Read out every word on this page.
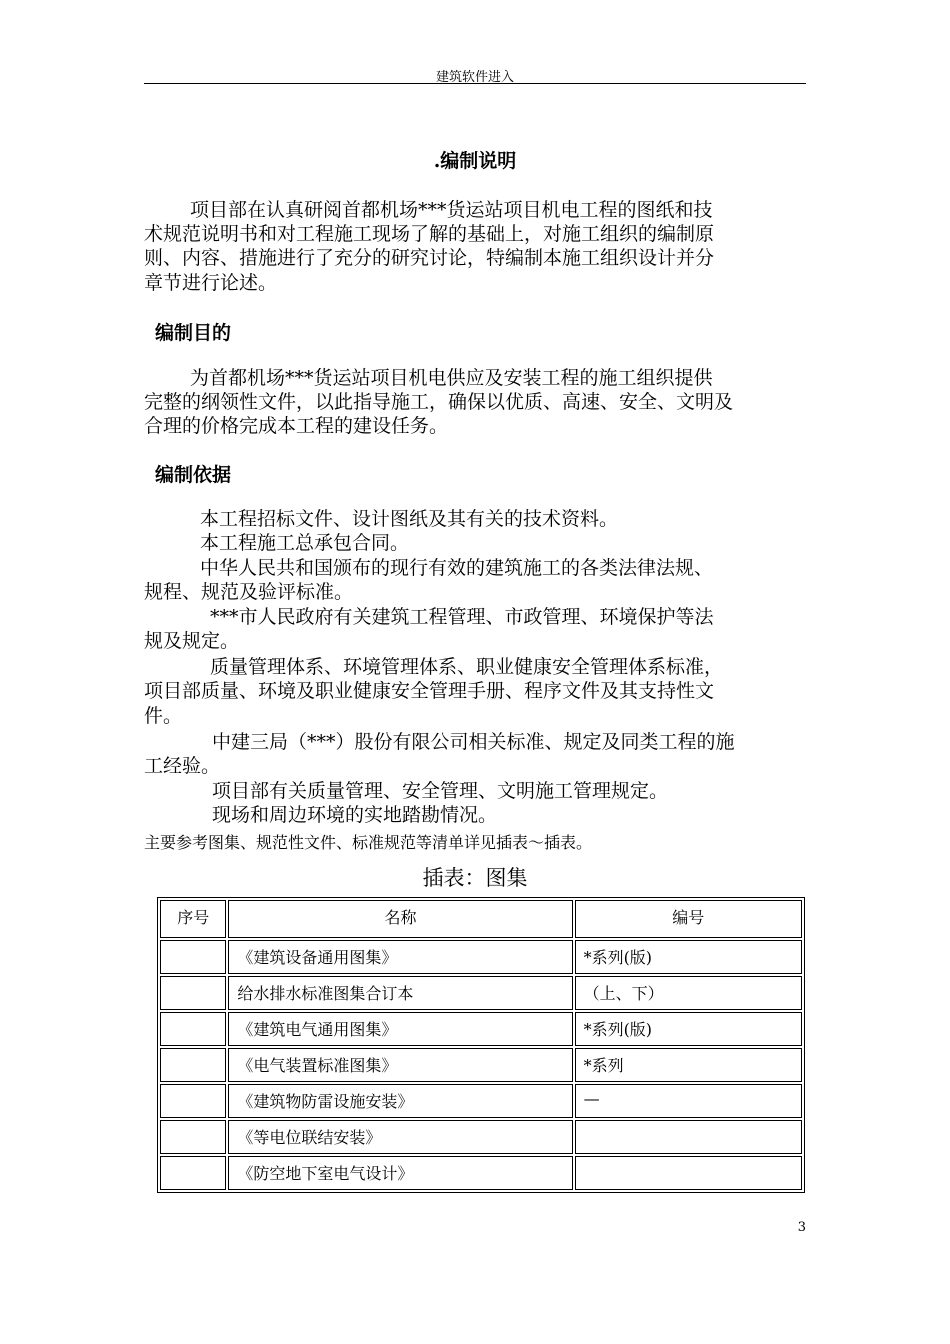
建筑软件进入
.编制说明
项目部在认真研阅首都机场***货运站项目机电工程的图纸和技
术规范说明书和对工程施工现场了解的基础上，对施工组织的编制原
则、内容、措施进行了充分的研究讨论，特编制本施工组织设计并分
章节进行论述。
编制目的
为首都机场***货运站项目机电供应及安装工程的施工组织提供
完整的纲领性文件，以此指导施工，确保以优质、高速、安全、文明及
合理的价格完成本工程的建设任务。
编制依据
本工程招标文件、设计图纸及其有关的技术资料。
本工程施工总承包合同。
中华人民共和国颁布的现行有效的建筑施工的各类法律法规、
规程、规范及验评标准。
***市人民政府有关建筑工程管理、市政管理、环境保护等法
规及规定。
质量管理体系、环境管理体系、职业健康安全管理体系标准，
项目部质量、环境及职业健康安全管理手册、程序文件及其支持性文
件。
中建三局（***）股份有限公司相关标准、规定及同类工程的施
工经验。
项目部有关质量管理、安全管理、文明施工管理规定。
现场和周边环境的实地踏勘情况。
主要参考图集、规范性文件、标准规范等清单详见插表～插表。
插表：图集
序号	名称	编号
	《建筑设备通用图集》	*系列(版)
	给水排水标准图集合订本	（上、下）
	《建筑电气通用图集》	*系列(版)
	《电气装置标准图集》	*系列
	《建筑物防雷设施安装》	—
	《等电位联结安装》	
	《防空地下室电气设计》	
3
